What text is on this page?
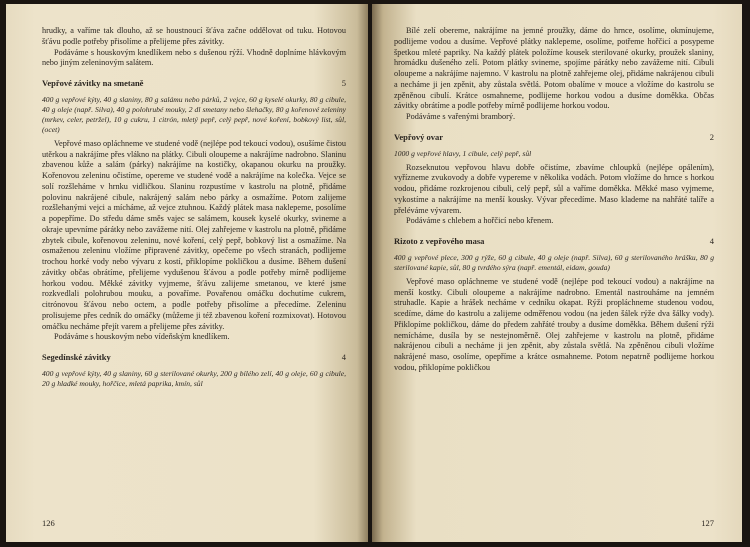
hrudky, a vaříme tak dlouho, až se houstnoucí šťáva začne oddělovat od tuku. Hotovou šťávu podle potřeby přisolíme a přelijeme přes závitky.

Podáváme s houskovým knedlíkem nebo s dušenou rýží. Vhodně doplníme hlávkovým nebo jiným zeleninovým salátem.

Vepřové závitky na smetaně	5
400 g vepřové kýty, 40 g slaniny, 80 g salámu nebo párků, 2 vejce, 60 g kyselé okurky, 80 g cibule, 40 g oleje (např. Silva), 40 g polohrubé mouky, 2 dl smetany nebo šlehačky, 80 g kořenové zeleniny (mrkev, celer, petržel), 10 g cukru, 1 citrón, mletý pepř, celý pepř, nové koření, bobkový list, sůl, (ocet)

Vepřové maso opláchneme ve studené vodě (nejlépe pod tekoucí vodou), osušíme čistou utěrkou a nakrájíme přes vlákno na plátky. Cibuli oloupeme a nakrájíme nadrobno. Slaninu zbavenou kůže a salám (párky) nakrájíme na kostičky, okapanou okurku na proužky. Kořenovou zeleninu očistíme, opereme ve studené vodě a nakrájíme na kolečka. Vejce se solí rozšleháme v hrnku vidličkou. Slaninu rozpustíme v kastrolu na plotně, přidáme polovinu nakrájené cibule, nakrájený salám nebo párky a osmažíme. Potom zalijeme rozšlehanými vejci a mícháme, až vejce ztuhnou. Každý plátek masa naklepeme, posolíme a popepříme. Do středu dáme směs vajec se salámem, kousek kyselé okurky, svineme a okraje upevníme párátky nebo zavážeme nití. Olej zahřejeme v kastrolu na plotně, přidáme zbytek cibule, kořenovou zeleninu, nové koření, celý pepř, bobkový list a osmažíme. Na osmaženou zeleninu vložíme připravené závitky, opečeme po všech stranách, podlijeme trochou horké vody nebo vývaru z kostí, přiklopíme pokličkou a dusíme. Během dušení závitky občas obrátíme, přelijeme vydušenou šťávou a podle potřeby mírně podlijeme horkou vodou. Měkké závitky vyjmeme, šťávu zalijeme smetanou, ve které jsme rozkvedlali polohrubou mouku, a povaříme. Povařenou omáčku dochutíme cukrem, citrónovou šťávou nebo octem, a podle potřeby přisolíme a přecedíme. Zeleninu prolisujeme přes cedník do omáčky (můžeme ji též zbavenou koření rozmixovat). Hotovou omáčku necháme přejít varem a přelijeme přes závitky.

Podáváme s houskovým nebo vídeňským knedlíkem.

Segedínské závitky	4
400 g vepřové kýty, 40 g slaniny, 60 g sterilované okurky, 200 g bílého zelí, 40 g oleje, 60 g cibule, 20 g hladké mouky, hořčice, mletá paprika, kmín, sůl
126

Bílé zelí obereme, nakrájíme na jemné proužky, dáme do hrnce, osolíme, okmínujeme, podlijeme vodou a dusíme. Vepřové plátky naklepeme, osolíme, potřeme hořčicí a posypeme špetkou mleté papriky. Na každý plátek položíme kousek sterilované okurky, proužek slaniny, hromádku dušeného zelí. Potom plátky svineme, spojíme párátky nebo zavážeme nití. Cibuli oloupeme a nakrájíme najemno. V kastrolu na plotně zahřejeme olej, přidáme nakrájenou cibuli a necháme ji jen zpěnit, aby zůstala světlá. Potom obalíme v mouce a vložíme do kastrolu se zpěněnou cibulí. Krátce osmahneme, podlijeme horkou vodou a dusíme doměkka. Občas závitky obrátíme a podle potřeby mírně podlijeme horkou vodou.

Podáváme s vařenými bramborý.

Vepřový ovar	2
1000 g vepřové hlavy, 1 cibule, celý pepř, sůl

Rozseknutou vepřovou hlavu dobře očistíme, zbavíme chloupků (nejlépe opálením), vyřízneme zvukovody a dobře vypereme v několika vodách. Potom vložíme do hrnce s horkou vodou, přidáme rozkrojenou cibuli, celý pepř, sůl a vaříme doměkka. Měkké maso vyjmeme, vykostíme a nakrájíme na menší kousky. Vývar přecedíme. Maso klademe na nahřáté talíře a přeléváme vývarem.

Podáváme s chlebem a hořčicí nebo křenem.

Rizoto z vepřového masa	4
400 g vepřové plece, 300 g rýže, 60 g cibule, 40 g oleje (např. Silva), 60 g sterilovaného hrášku, 80 g sterilované kapie, sůl, 80 g tvrdého sýra (např. ementál, eidam, gouda)

Vepřové maso opláchneme ve studené vodě (nejlépe pod tekoucí vodou) a nakrájíme na menší kostky. Cibuli oloupeme a nakrájíme nadrobno. Ementál nastrouháme na jemném struhadle. Kapie a hrášek necháme v cedníku okapat. Rýži propláchneme studenou vodou, scedíme, dáme do kastrolu a zalijeme odměřenou vodou (na jeden šálek rýže dva šálky vody). Přiklopíme pokličkou, dáme do předem zahřáté trouby a dusíme doměkka. Během dušení rýži nemícháme, dusíla by se nestejnoměrně. Olej zahřejeme v kastrolu na plotně, přidáme nakrájenou cibuli a necháme ji jen zpěnit, aby zůstala světlá. Na zpěněnou cibuli vložíme nakrájené maso, osolíme, opepříme a krátce osmahneme. Potom nepatrně podlijeme horkou vodou, přiklopíme pokličkou

127
